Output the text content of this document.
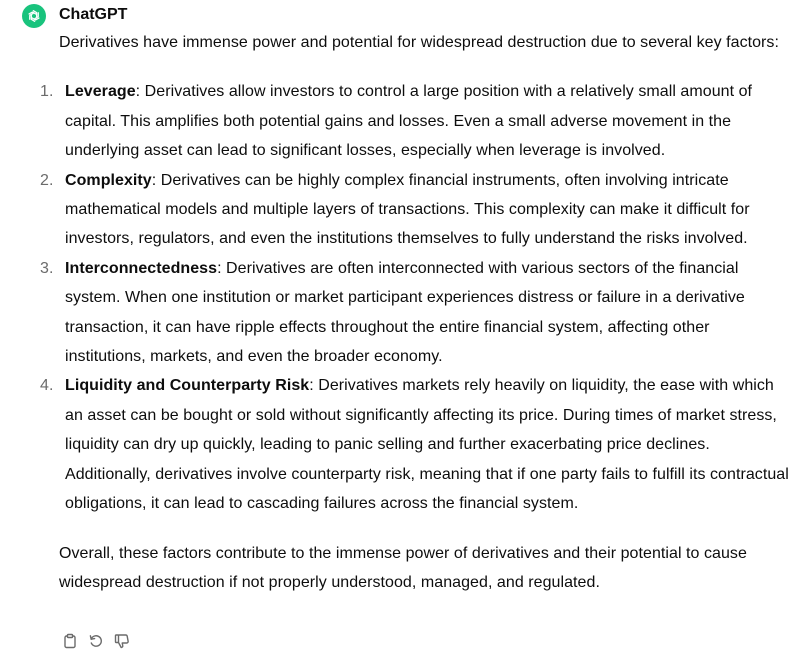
ChatGPT

Derivatives have immense power and potential for widespread destruction due to several key factors:

1. Leverage: Derivatives allow investors to control a large position with a relatively small amount of capital. This amplifies both potential gains and losses. Even a small adverse movement in the underlying asset can lead to significant losses, especially when leverage is involved.
2. Complexity: Derivatives can be highly complex financial instruments, often involving intricate mathematical models and multiple layers of transactions. This complexity can make it difficult for investors, regulators, and even the institutions themselves to fully understand the risks involved.
3. Interconnectedness: Derivatives are often interconnected with various sectors of the financial system. When one institution or market participant experiences distress or failure in a derivative transaction, it can have ripple effects throughout the entire financial system, affecting other institutions, markets, and even the broader economy.
4. Liquidity and Counterparty Risk: Derivatives markets rely heavily on liquidity, the ease with which an asset can be bought or sold without significantly affecting its price. During times of market stress, liquidity can dry up quickly, leading to panic selling and further exacerbating price declines. Additionally, derivatives involve counterparty risk, meaning that if one party fails to fulfill its contractual obligations, it can lead to cascading failures across the financial system.

Overall, these factors contribute to the immense power of derivatives and their potential to cause widespread destruction if not properly understood, managed, and regulated.
